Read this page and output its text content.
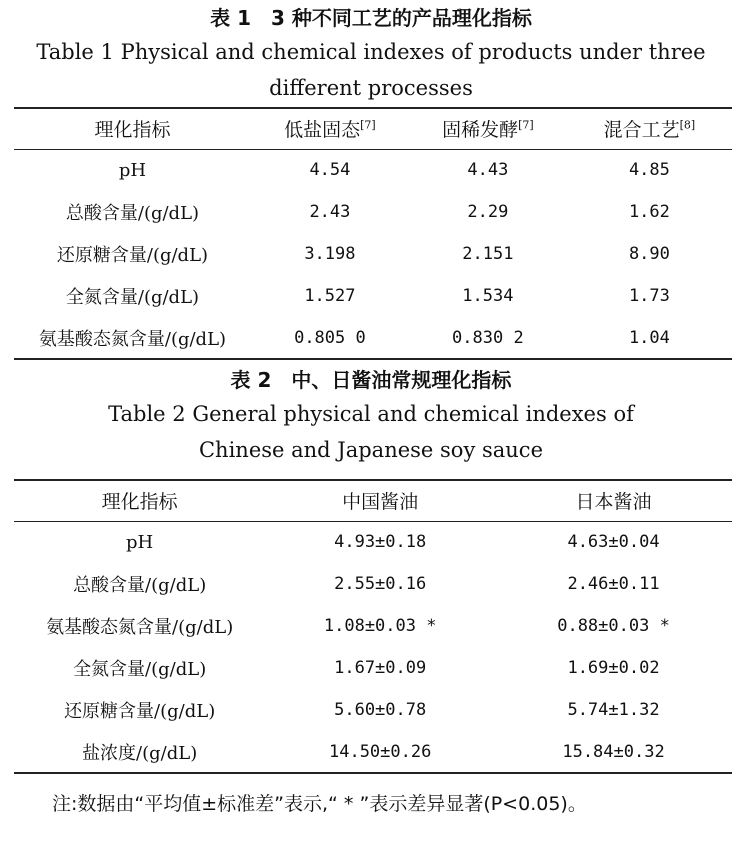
表 1　3 种不同工艺的产品理化指标
Table 1 Physical and chemical indexes of products under three different processes
理化指标	低盐固态[7]	固稀发酵[7]	混合工艺[8]
pH	4.54	4.43	4.85
总酸含量/(g/dL)	2.43	2.29	1.62
还原糖含量/(g/dL)	3.198	2.151	8.90
全氮含量/(g/dL)	1.527	1.534	1.73
氨基酸态氮含量/(g/dL)	0.805 0	0.830 2	1.04
表 2　中、日酱油常规理化指标
Table 2 General physical and chemical indexes of Chinese and Japanese soy sauce
理化指标	中国酱油	日本酱油
pH	4.93±0.18	4.63±0.04
总酸含量/(g/dL)	2.55±0.16	2.46±0.11
氨基酸态氮含量/(g/dL)	1.08±0.03 *	0.88±0.03 *
全氮含量/(g/dL)	1.67±0.09	1.69±0.02
还原糖含量/(g/dL)	5.60±0.78	5.74±1.32
盐浓度/(g/dL)	14.50±0.26	15.84±0.32
注:数据由“平均值±标准差”表示,“ * ”表示差异显著(P<0.05)。
